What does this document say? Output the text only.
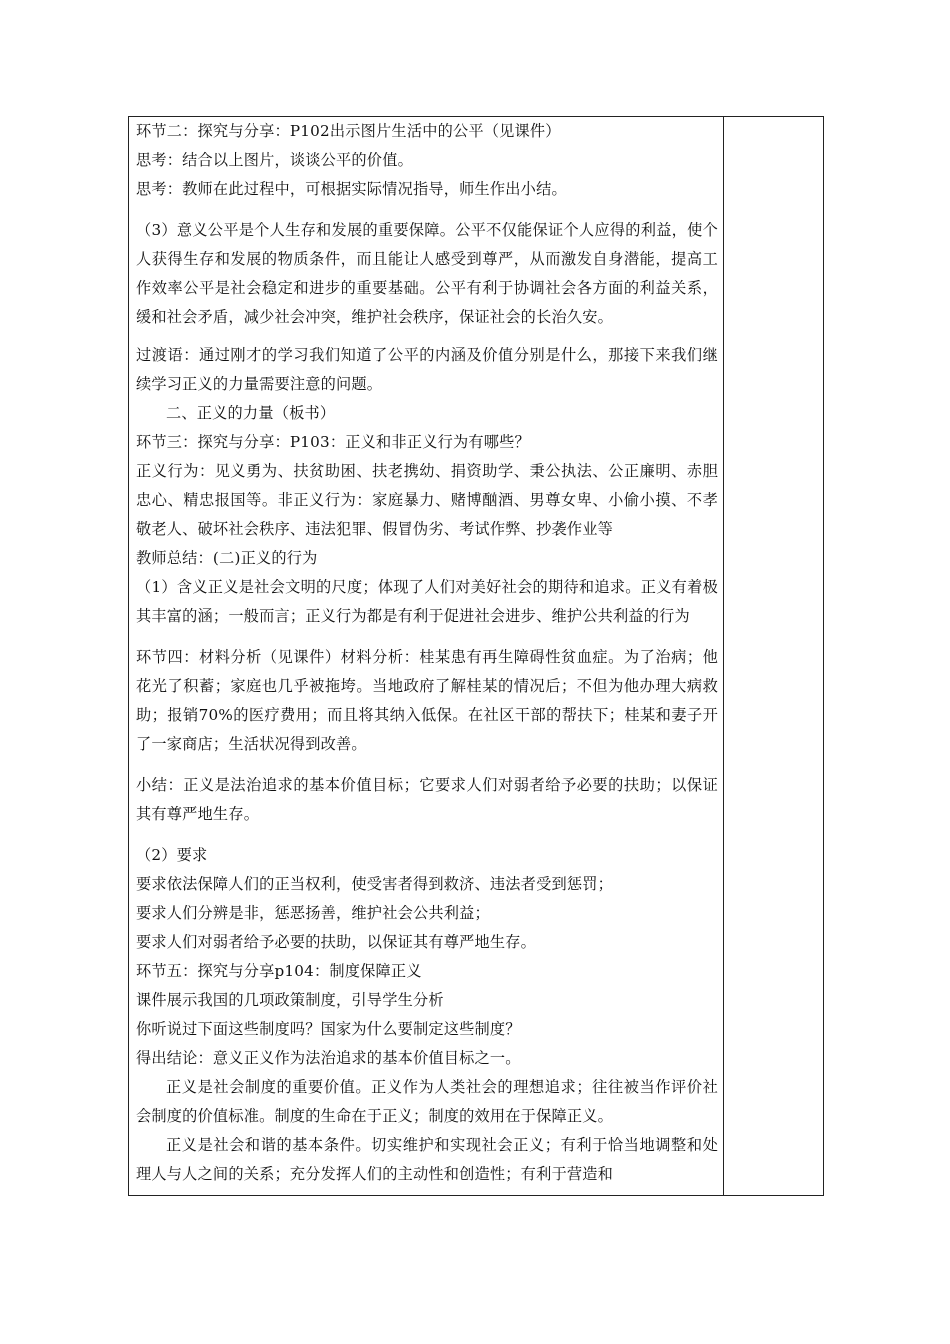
环节二：探究与分享：P102出示图片生活中的公平（见课件）

思考：结合以上图片，谈谈公平的价值。

思考：教师在此过程中，可根据实际情况指导，师生作出小结。

（3）意义公平是个人生存和发展的重要保障。公平不仅能保证个人应得的利益，使个人获得生存和发展的物质条件，而且能让人感受到尊严，从而激发自身潜能，提高工作效率公平是社会稳定和进步的重要基础。公平有利于协调社会各方面的利益关系，缓和社会矛盾，减少社会冲突，维护社会秩序，保证社会的长治久安。

过渡语：通过刚才的学习我们知道了公平的内涵及价值分别是什么，那接下来我们继续学习正义的力量需要注意的问题。

二、正义的力量（板书）

环节三：探究与分享：P103：正义和非正义行为有哪些？

正义行为：见义勇为、扶贫助困、扶老携幼、捐资助学、秉公执法、公正廉明、赤胆忠心、精忠报国等。非正义行为：家庭暴力、赌博酗酒、男尊女卑、小偷小摸、不孝敬老人、破坏社会秩序、违法犯罪、假冒伪劣、考试作弊、抄袭作业等

教师总结：(二)正义的行为

（1）含义正义是社会文明的尺度；体现了人们对美好社会的期待和追求。正义有着极其丰富的涵；一般而言；正义行为都是有利于促进社会进步、维护公共利益的行为

环节四：材料分析（见课件）材料分析：桂某患有再生障碍性贫血症。为了治病；他花光了积蓄；家庭也几乎被拖垮。当地政府了解桂某的情况后；不但为他办理大病救助；报销70%的医疗费用；而且将其纳入低保。在社区干部的帮扶下；桂某和妻子开了一家商店；生活状况得到改善。

小结：正义是法治追求的基本价值目标；它要求人们对弱者给予必要的扶助；以保证其有尊严地生存。

（2）要求

要求依法保障人们的正当权利，使受害者得到救济、违法者受到惩罚；

要求人们分辨是非，惩恶扬善，维护社会公共利益；

要求人们对弱者给予必要的扶助，以保证其有尊严地生存。

环节五：探究与分享p104：制度保障正义

课件展示我国的几项政策制度，引导学生分析

你听说过下面这些制度吗？国家为什么要制定这些制度？

得出结论：意义正义作为法治追求的基本价值目标之一。

正义是社会制度的重要价值。正义作为人类社会的理想追求；往往被当作评价社会制度的价值标准。制度的生命在于正义；制度的效用在于保障正义。

正义是社会和谐的基本条件。切实维护和实现社会正义；有利于恰当地调整和处理人与人之间的关系；充分发挥人们的主动性和创造性；有利于营造和
